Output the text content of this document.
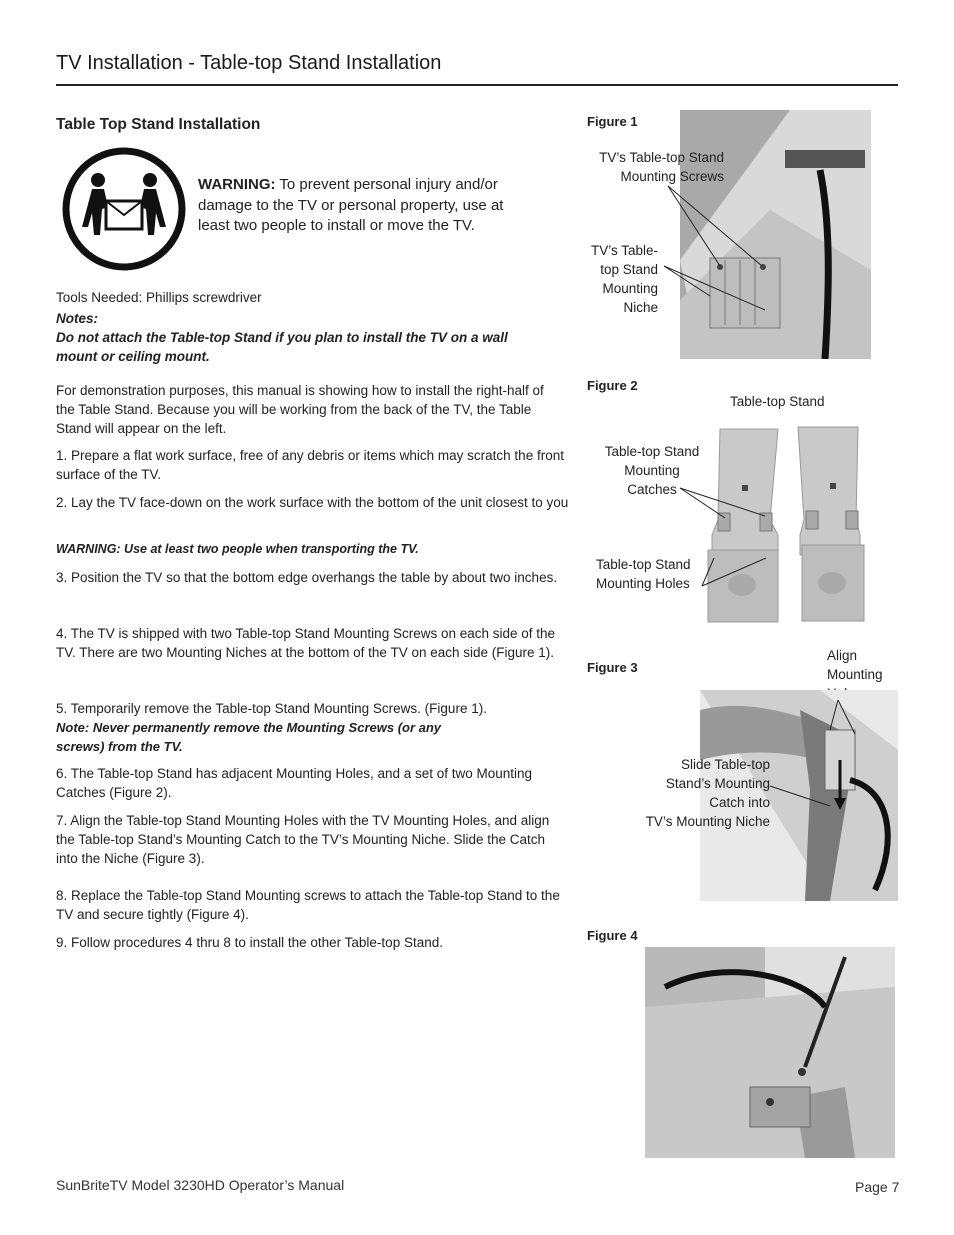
TV Installation - Table-top Stand Installation
Table Top Stand Installation
WARNING: To prevent personal injury and/or damage to the TV or personal property, use at least two people to install or move the TV.
Tools Needed: Phillips screwdriver
Notes:
Do not attach the Table-top Stand if you plan to install the TV on a wall mount or ceiling mount.
For demonstration purposes, this manual is showing how to install the right-half of the Table Stand. Because you will be working from the back of the TV, the Table Stand will appear on the left.
1. Prepare a flat work surface, free of any debris or items which may scratch the front surface of the TV.
2. Lay the TV face-down on the work surface with the bottom of the unit closest to you
WARNING: Use at least two people when transporting the TV.
3. Position the TV so that the bottom edge overhangs the table by about two inches.
4. The TV is shipped with two Table-top Stand Mounting Screws on each side of the TV. There are two Mounting Niches at the bottom of the TV on each side (Figure 1).
5. Temporarily remove the Table-top Stand Mounting Screws. (Figure 1).
Note: Never permanently remove the Mounting Screws (or any screws) from the TV.
6. The Table-top Stand has adjacent Mounting Holes, and a set of two Mounting Catches (Figure 2).
7. Align the Table-top Stand Mounting Holes with the TV Mounting Holes, and align the Table-top Stand’s Mounting Catch to the TV’s Mounting Niche. Slide the Catch into the Niche (Figure 3).
8. Replace the Table-top Stand Mounting screws to attach the Table-top Stand to the TV and secure tightly (Figure 4).
9. Follow procedures 4 thru 8 to install the other Table-top Stand.
Figure 1
TV’s Table-top Stand
Mounting Screws
TV’s Table-
top Stand
Mounting
Niche
Figure 2
Table-top Stand
Table-top Stand
Mounting
Catches
Table-top Stand
Mounting Holes
Figure 3
Align
Mounting

Slide Table-top
Stand’s Mounting
Catch into
TV’s Mounting Niche
Figure 4
SunBriteTV Model 3230HD Operator’s Manual	Page 7
